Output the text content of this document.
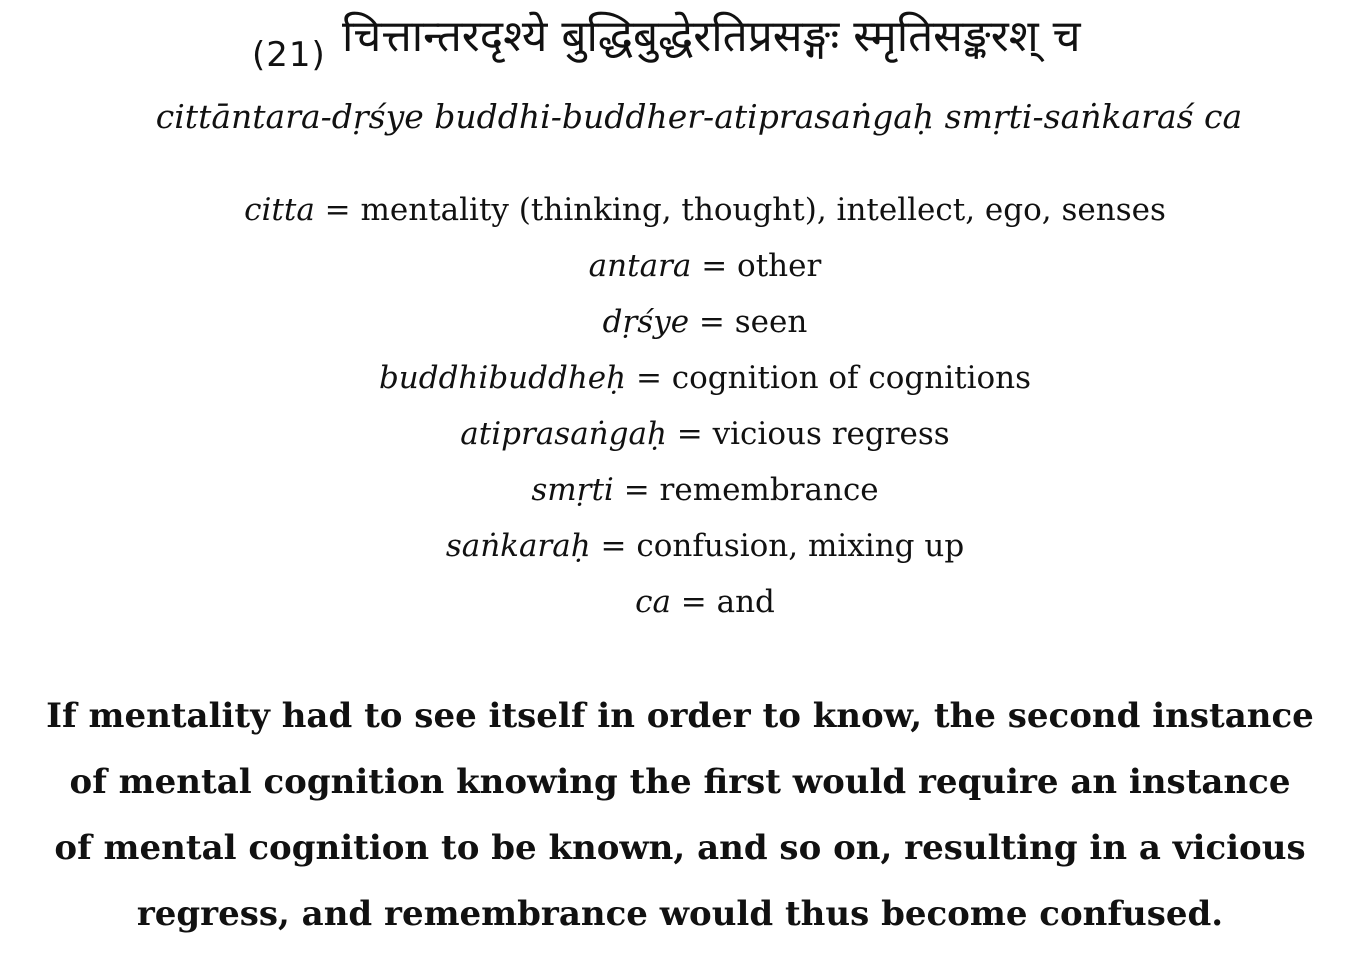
(21) चित्तान्तरदृश्ये बुद्धिबुद्धेरतिप्रसङ्गः स्मृतिसङ्करश् च
cittāntara-dṛśye buddhi-buddher-atiprasaṅgaḥ smṛti-saṅkaraś ca
citta = mentality (thinking, thought), intellect, ego, senses
antara = other
dṛśye = seen
buddhibuddheḥ = cognition of cognitions
atiprasaṅgaḥ = vicious regress
smṛti = remembrance
saṅkaraḥ = confusion, mixing up
ca = and
If mentality had to see itself in order to know, the second instance
of mental cognition knowing the first would require an instance
of mental cognition to be known, and so on, resulting in a vicious
regress, and remembrance would thus become confused.
